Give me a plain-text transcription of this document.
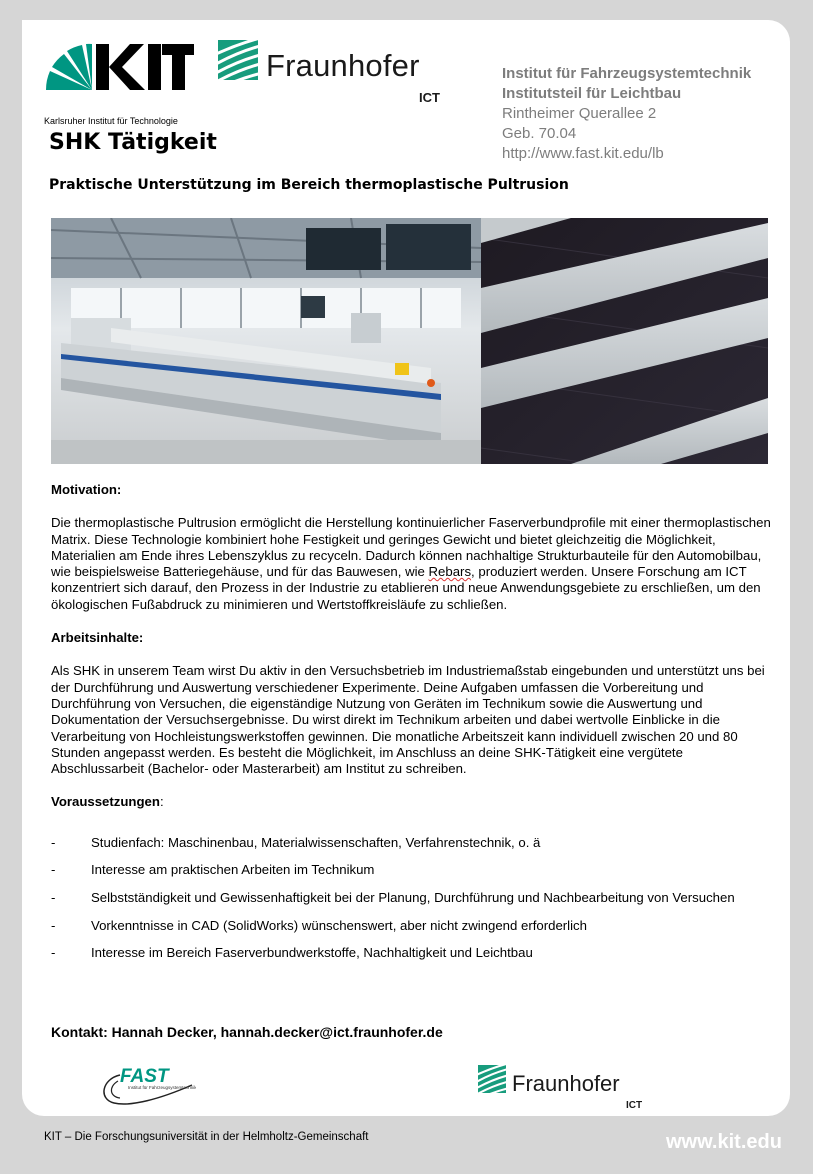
Karlsruher Institut für Technologie
Fraunhofer
ICT
Institut für Fahrzeugsystemtechnik
Institutsteil für Leichtbau
Rintheimer Querallee 2
Geb. 70.04
http://www.fast.kit.edu/lb
SHK Tätigkeit
Praktische Unterstützung im Bereich thermoplastische Pultrusion
Motivation:

Die thermoplastische Pultrusion ermöglicht die Herstellung kontinuierlicher Faserverbundprofile mit einer thermoplastischen Matrix. Diese Technologie kombiniert hohe Festigkeit und geringes Gewicht und bietet gleichzeitig die Möglichkeit, Materialien am Ende ihres Lebenszyklus zu recyceln. Dadurch können nachhaltige Strukturbauteile für den Automobilbau, wie beispielsweise Batteriegehäuse, und für das Bauwesen, wie Rebars, produziert werden. Unsere Forschung am ICT konzentriert sich darauf, den Prozess in der Industrie zu etablieren und neue Anwendungsgebiete zu erschließen, um den ökologischen Fußabdruck zu minimieren und Wertstoffkreisläufe zu schließen.

Arbeitsinhalte:

Als SHK in unserem Team wirst Du aktiv in den Versuchsbetrieb im Industriemaßstab eingebunden und unterstützt uns bei der Durchführung und Auswertung verschiedener Experimente. Deine Aufgaben umfassen die Vorbereitung und Durchführung von Versuchen, die eigenständige Nutzung von Geräten im Technikum sowie die Auswertung und Dokumentation der Versuchsergebnisse. Du wirst direkt im Technikum arbeiten und dabei wertvolle Einblicke in die Verarbeitung von Hochleistungswerkstoffen gewinnen. Die monatliche Arbeitszeit kann individuell zwischen 20 und 80 Stunden angepasst werden. Es besteht die Möglichkeit, im Anschluss an deine SHK-Tätigkeit eine vergütete Abschlussarbeit (Bachelor- oder Masterarbeit) am Institut zu schreiben.

Voraussetzungen:
-	Studienfach: Maschinenbau, Materialwissenschaften, Verfahrenstechnik, o. ä
-	Interesse am praktischen Arbeiten im Technikum
-	Selbstständigkeit und Gewissenhaftigkeit bei der Planung, Durchführung und Nachbearbeitung von Versuchen
-	Vorkenntnisse in CAD (SolidWorks) wünschenswert, aber nicht zwingend erforderlich
-	Interesse im Bereich Faserverbundwerkstoffe, Nachhaltigkeit und Leichtbau
Kontakt: Hannah Decker, hannah.decker@ict.fraunhofer.de
FAST
Institut für Fahrzeugsystemtechnik	Fraunhofer
ICT
KIT – Die Forschungsuniversität in der Helmholtz-Gemeinschaft	www.kit.edu
